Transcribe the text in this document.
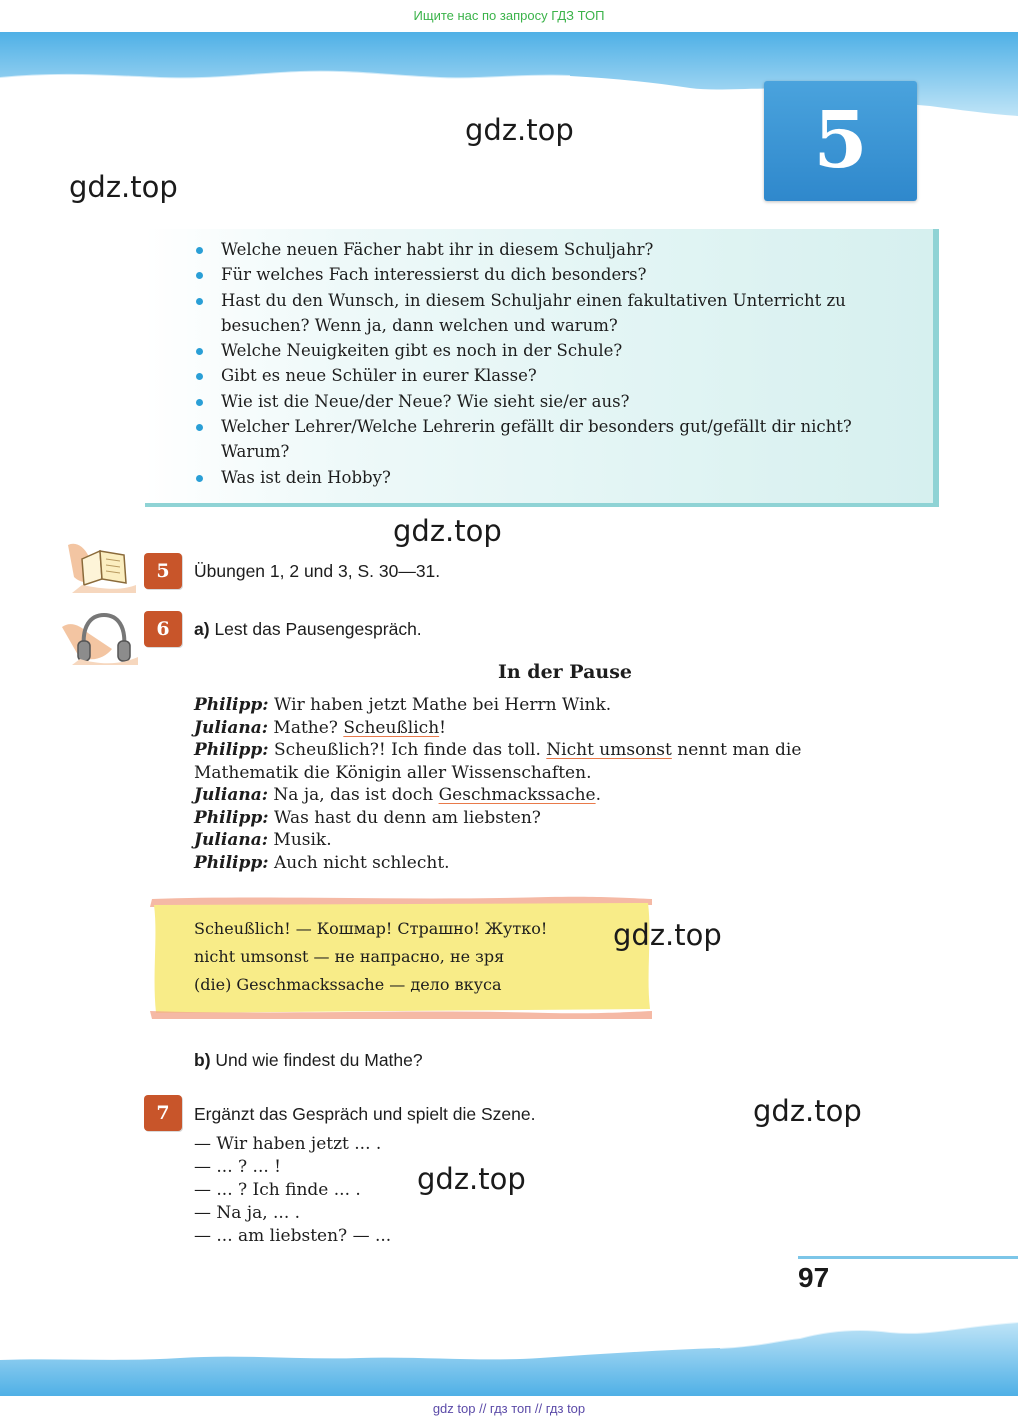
Ищите нас по запросу ГДЗ ТОП
5
gdz.top
gdz.top
Welche neuen Fächer habt ihr in diesem Schuljahr?
Für welches Fach interessierst du dich besonders?
Hast du den Wunsch, in diesem Schuljahr einen fakultativen Unterricht zu besuchen? Wenn ja, dann welchen und warum?
Welche Neuigkeiten gibt es noch in der Schule?
Gibt es neue Schüler in eurer Klasse?
Wie ist die Neue/der Neue? Wie sieht sie/er aus?
Welcher Lehrer/Welche Lehrerin gefällt dir besonders gut/gefällt dir nicht? Warum?
Was ist dein Hobby?
gdz.top
5	Übungen 1, 2 und 3, S. 30—31.
6	a) Lest das Pausengespräch.
In der Pause
Philipp: Wir haben jetzt Mathe bei Herrn Wink.
Juliana: Mathe? Scheußlich!
Philipp: Scheußlich?! Ich finde das toll. Nicht umsonst nennt man die
Mathematik die Königin aller Wissenschaften.
Juliana: Na ja, das ist doch Geschmackssache.
Philipp: Was hast du denn am liebsten?
Juliana: Musik.
Philipp: Auch nicht schlecht.
Scheußlich! — Кошмар! Страшно! Жутко!
nicht umsonst — не напрасно, не зря
(die) Geschmackssache — дело вкуса
gdz.top
b) Und wie findest du Mathe?
7	Ergänzt das Gespräch und spielt die Szene.	gdz.top
— Wir haben jetzt ... .
— ... ? ... !
— ... ? Ich finde ... .
— Na ja, ... .
— ... am liebsten? — ...
gdz.top
97
gdz top // гдз топ // гдз top
